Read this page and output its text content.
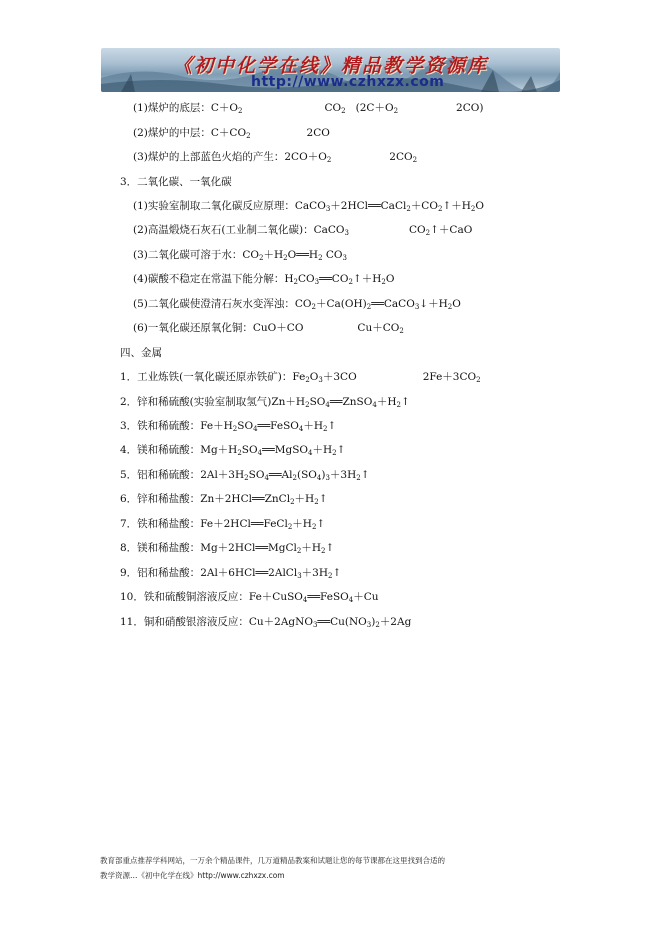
《初中化学在线》精品教学资源库
http://www.czhxzx.com
(1)煤炉的底层：$C+O_2$	$CO_2$ ($2C+O_2$	2CO)
(2)煤炉的中层：$C+CO_2$	2CO
(3)煤炉的上部蓝色火焰的产生：$2CO+O_2$	$2CO_2$
3．二氧化碳、一氧化碳
(1)实验室制取二氧化碳反应原理：$CaCO_3+2HCl══CaCl_2+CO_2↑+H_2O$
(2)高温煅烧石灰石(工业制二氧化碳)：CaCO$_3$	$CO_2↑+CaO$
(3)二氧化碳可溶于水：$CO_2+H_2O══H_2$ $CO_3$
(4)碳酸不稳定在常温下能分解：$H_2CO_3══CO_2↑+H_2O$
(5)二氧化碳使澄清石灰水变浑浊：$CO_2+Ca(OH)_2══CaCO_3↓+H_2O$
(6)一氧化碳还原氧化铜：CuO＋CO	$Cu+CO_2$
四、金属
1．工业炼铁(一氧化碳还原赤铁矿)：$Fe_2O_3+3CO$	$2Fe+3CO_2$
2．锌和稀硫酸(实验室制取氢气)$Zn+H_2SO_4══ZnSO_4+H_2↑$
3．铁和稀硫酸：$Fe+H_2SO_4══FeSO_4+H_2↑$
4．镁和稀硫酸：$Mg+H_2SO_4══MgSO_4+H_2↑$
5．铝和稀硫酸：$2Al+3H_2SO_4══Al_2(SO_4)_3+3H_2↑$
6．锌和稀盐酸：$Zn+2HCl══ZnCl_2+H_2↑$
7．铁和稀盐酸：$Fe+2HCl══FeCl_2+H_2↑$
8．镁和稀盐酸：$Mg+2HCl══MgCl_2+H_2↑$
9．铝和稀盐酸：$2Al+6HCl══2AlCl_3+3H_2↑$
10．铁和硫酸铜溶液反应：Fe＋CuSO$_4$══FeSO$_4$＋Cu
11．铜和硝酸银溶液反应：$Cu+2AgNO_3══Cu(NO_3)_2+2Ag$
教育部重点推荐学科网站，一万余个精品课件，几万道精品教案和试题让您的每节课都在这里找到合适的
教学资源…《初中化学在线》http://www.czhxzx.com
